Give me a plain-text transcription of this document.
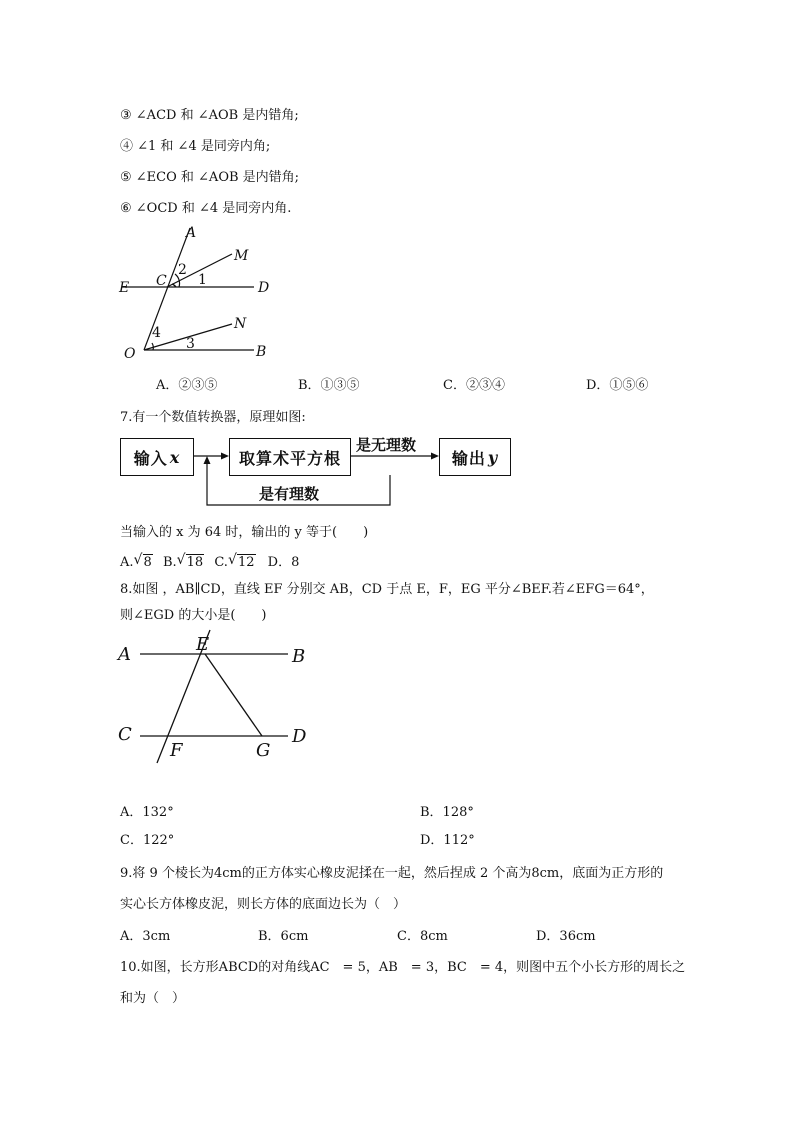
③ ∠ACD 和 ∠AOB 是内错角;
④ ∠1 和 ∠4 是同旁内角;
⑤ ∠ECO 和 ∠AOB 是内错角;
⑥ ∠OCD 和 ∠4 是同旁内角.
A
M
C
2
1
E	D
N
4
O
3	B
A．②③⑤	B．①③⑤	C．②③④	D．①⑤⑥
7.有一个数值转换器，原理如图:
输入 x	取算术平方根	输出 y
是无理数
是有理数
当输入的 x 为 64 时，输出的 y 等于(　　)
A. √ 8 B. √ 18 C. √ 12 D．8
8.如图 ，AB∥CD，直线 EF 分别交 AB，CD 于点 E，F，EG 平分∠BEF.若∠EFG＝64°，
则∠EGD 的大小是(　　)
A	E
B
C
F	G
D
A．132°	B．128°
C．122°	D．112°
9.将 9 个棱长为4cm的正方体实心橡皮泥揉在一起，然后捏成 2 个高为8cm，底面为正方形的
实心长方体橡皮泥，则长方体的底面边长为（　）
A．3cm	B．6cm	C．8cm	D．36cm
10.如图，长方形ABCD的对角线AC　= 5，AB　= 3，BC　= 4，则图中五个小长方形的周长之
和为（　）
